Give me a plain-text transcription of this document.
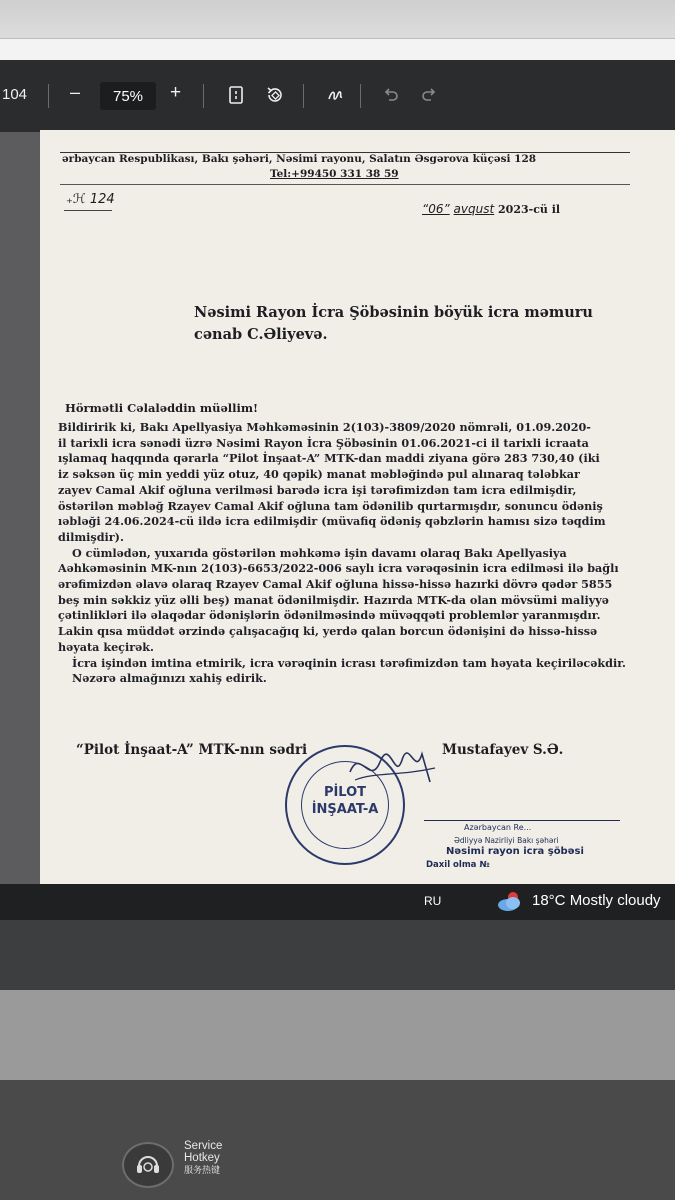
104 – 75% +
ərbaycan Respublikası, Bakı şəhəri, Nəsimi rayonu, Salatın Əsgərova küçəsi 128
Tel:+99450 331 38 59
₊ℋ 124
“06” avqust 2023-cü il
Nəsimi Rayon İcra Şöbəsinin böyük icra məmuru
cənab C.Əliyevə.
Hörmətli Cəlaləddin müəllim!

Bildiririk ki, Bakı Apellyasiya Məhkəməsinin 2(103)-3809/2020 nömrəli, 01.09.2020-

il tarixli icra sənədi üzrə Nəsimi Rayon İcra Şöbəsinin 01.06.2021-ci il tarixli icraata

ışlamaq haqqında qərarla “Pilot İnşaat-A” MTK-dan maddi ziyana görə 283 730,40 (iki

iz səksən üç min yeddi yüz otuz, 40 qəpik) manat məbləğində pul alınaraq tələbkar

zayev Camal Akif oğluna verilməsi barədə icra işi tərəfimizdən tam icra edilmişdir,

östərilən məbləğ Rzayev Camal Akif oğluna tam ödənilib qurtarmışdır, sonuncu ödəniş

ıəbləği 24.06.2024-cü ildə icra edilmişdir (müvafiq ödəniş qəbzlərin hamısı sizə təqdim

dilmişdir).

O cümlədən, yuxarıda göstərilən məhkəmə işin davamı olaraq Bakı Apellyasiya

Aəhkəməsinin MK-nın 2(103)-6653/2022-006 saylı icra vərəqəsinin icra edilməsi ilə bağlı

ərəfimizdən əlavə olaraq Rzayev Camal Akif oğluna hissə-hissə hazırki dövrə qədər 5855

beş min səkkiz yüz əlli beş) manat ödənilmişdir. Hazırda MTK-da olan mövsümi maliyyə

çətinlikləri ilə əlaqədar ödənişlərin ödənilməsində müvəqqəti problemlər yaranmışdır.

Lakin qısa müddət ərzində çalışacağıq ki, yerdə qalan borcun ödənişini də hissə-hissə

həyata keçirək.

İcra işindən imtina etmirik, icra vərəqinin icrası tərəfimizdən tam həyata keçiriləcəkdir.

Nəzərə almağınızı xahiş edirik.

“Pilot İnşaat-A” MTK-nın sədri	Mustafayev S.Ə.
PİLOT
İNŞAAT-A
Azərbaycan Re...
Ədliyyə Nazirliyi Bakı şəhəri
Nəsimi rayon icra şöbəsi
Daxil olma №
RU	18°C Mostly cloudy
Service
Hotkey
服务热键
